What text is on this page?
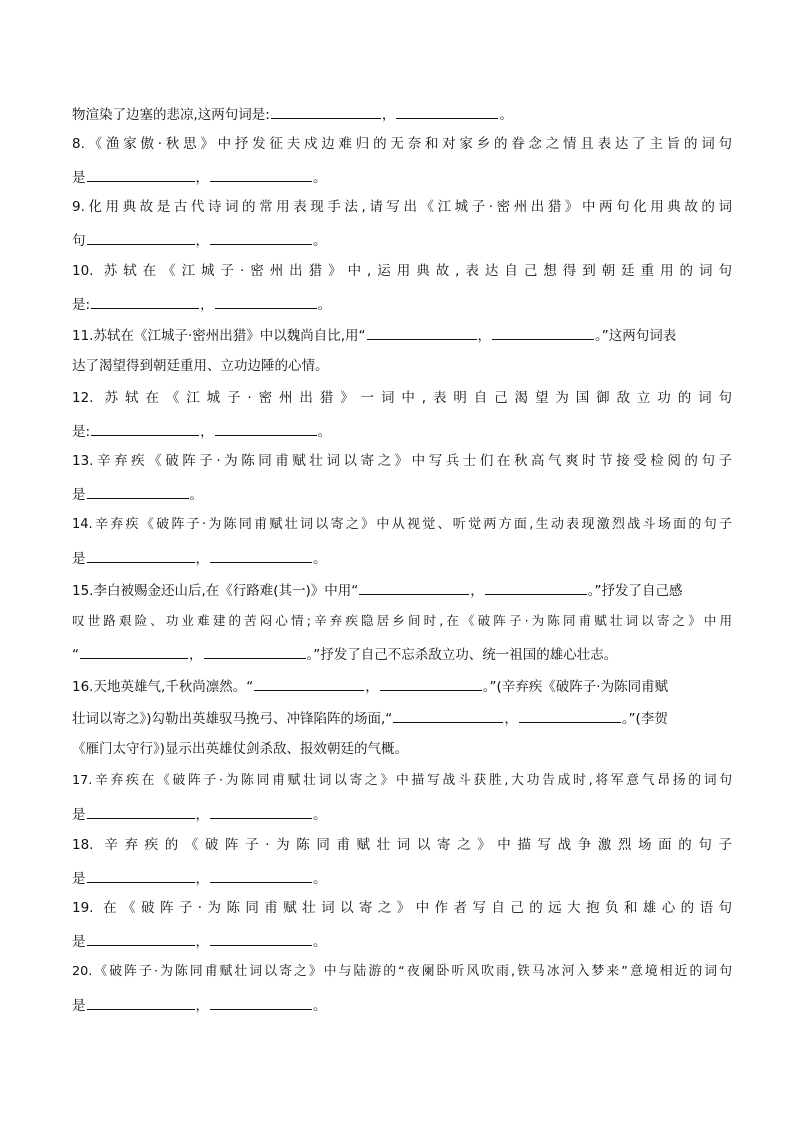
物渲染了边塞的悲凉,这两句词是:	，	。
8.《渔家傲·秋思》中抒发征夫戍边难归的无奈和对家乡的眷念之情且表达了主旨的词句
是	，	。
9.化用典故是古代诗词的常用表现手法,请写出《江城子·密州出猎》中两句化用典故的词
句	，	。
10. 苏轼在《江城子·密州出猎》中,运用典故,表达自己想得到朝廷重用的词句
是:	，	。
11.苏轼在《江城子·密州出猎》中以魏尚自比,用“	，	。”这两句词表
达了渴望得到朝廷重用、立功边陲的心情。
12. 苏轼在《江城子·密州出猎》一词中,表明自己渴望为国御敌立功的词句
是:	，	。
13.辛弃疾《破阵子·为陈同甫赋壮词以寄之》中写兵士们在秋高气爽时节接受检阅的句子
是	。
14.辛弃疾《破阵子·为陈同甫赋壮词以寄之》中从视觉、听觉两方面,生动表现激烈战斗场面的句子
是	，	。
15.李白被赐金还山后,在《行路难(其一)》中用“	，	。”抒发了自己感
叹世路艰险、功业难建的苦闷心情;辛弃疾隐居乡间时,在《破阵子·为陈同甫赋壮词以寄之》中用
“	，	。”抒发了自己不忘杀敌立功、统一祖国的雄心壮志。
16.天地英雄气,千秋尚凛然。“	，	。”(辛弃疾《破阵子·为陈同甫赋
壮词以寄之》)勾勒出英雄驭马挽弓、冲锋陷阵的场面,“	，	。”(李贺
《雁门太守行》)显示出英雄仗剑杀敌、报效朝廷的气概。
17.辛弃疾在《破阵子·为陈同甫赋壮词以寄之》中描写战斗获胜,大功告成时,将军意气昂扬的词句
是	，	。
18. 辛弃疾的《破阵子·为陈同甫赋壮词以寄之》中描写战争激烈场面的句子
是	，	。
19. 在《破阵子·为陈同甫赋壮词以寄之》中作者写自己的远大抱负和雄心的语句
是	，	。
20.《破阵子·为陈同甫赋壮词以寄之》中与陆游的“夜阑卧听风吹雨,铁马冰河入梦来”意境相近的词句
是	，	。
